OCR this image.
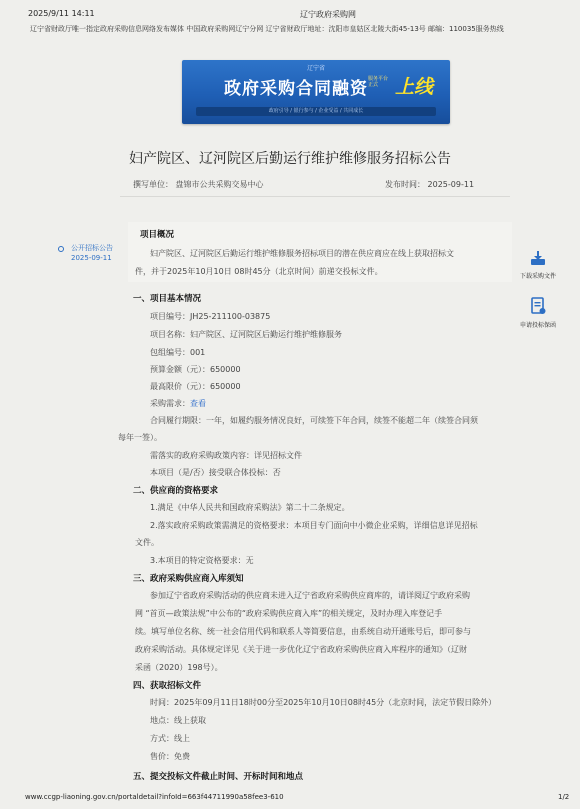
2025/9/11 14:11	辽宁政府采购网
辽宁省财政厅唯一指定政府采购信息网络发布媒体 中国政府采购网辽宁分网 辽宁省财政厅地址：沈阳市皇姑区北陵大街45-13号 邮编：110035服务热线
辽宁省
政府采购合同融资 服务平台 正式 上线
政府引导 / 银行参与 / 企业受益 / 共同成长
妇产院区、辽河院区后勤运行维护维修服务招标公告
撰写单位： 盘锦市公共采购交易中心	发布时间： 2025-09-11
公开招标公告
2025-09-11
下载采购文件
申请投标保函
项目概况
妇产院区、辽河院区后勤运行维护维修服务招标项目的潜在供应商应在线上获取招标文
件，并于2025年10月10日 08时45分（北京时间）前递交投标文件。
一、项目基本情况
项目编号：JH25-211100-03875
项目名称：妇产院区、辽河院区后勤运行维护维修服务
包组编号：001
预算金额（元）：650000
最高限价（元）：650000
采购需求：查看
合同履行期限：一年，如履约服务情况良好，可续签下年合同，续签不能超二年（续签合同须
每年一签）。
需落实的政府采购政策内容：详见招标文件
本项目（是/否）接受联合体投标：否
二、供应商的资格要求
1.满足《中华人民共和国政府采购法》第二十二条规定。
2.落实政府采购政策需满足的资格要求：本项目专门面向中小微企业采购，详细信息详见招标
文件。
3.本项目的特定资格要求：无
三、政府采购供应商入库须知
参加辽宁省政府采购活动的供应商未进入辽宁省政府采购供应商库的，请详阅辽宁政府采购
网 “首页—政策法规”中公布的“政府采购供应商入库”的相关规定，及时办理入库登记手
续。填写单位名称、统一社会信用代码和联系人等简要信息，由系统自动开通账号后，即可参与
政府采购活动。具体规定详见《关于进一步优化辽宁省政府采购供应商入库程序的通知》（辽财
采函（2020）198号）。
四、获取招标文件
时间：2025年09月11日18时00分至2025年10月10日08时45分（北京时间，法定节假日除外）
地点：线上获取
方式：线上
售价：免费
五、提交投标文件截止时间、开标时间和地点
www.ccgp-liaoning.gov.cn/portaldetail?infoId=663f44711990a58fee3-610	1/2
